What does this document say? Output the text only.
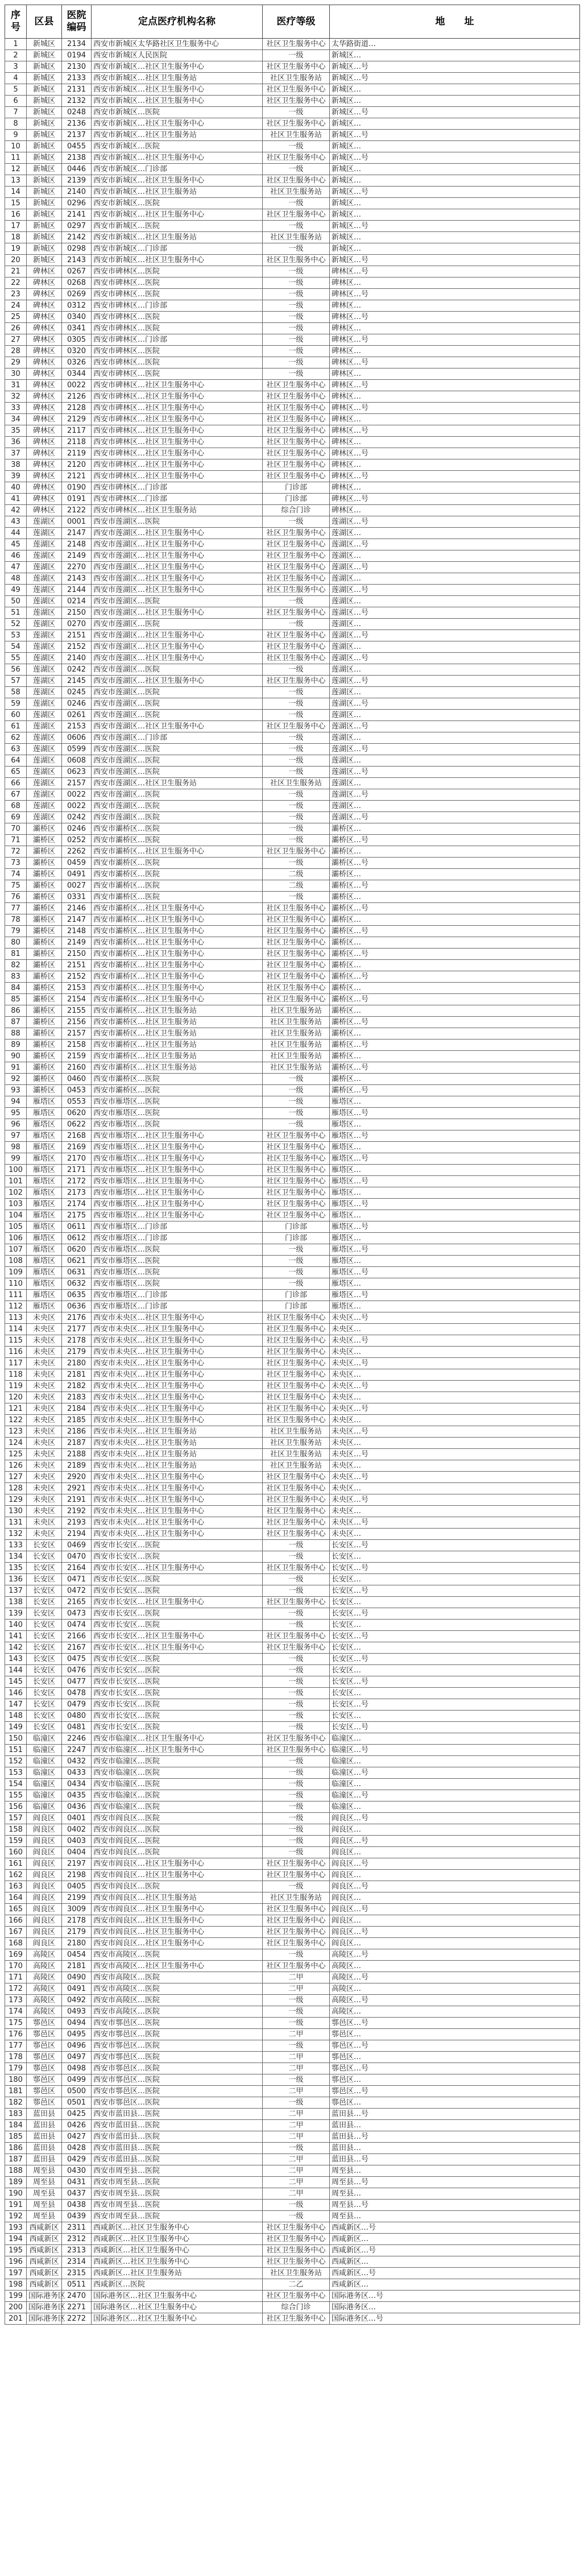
序号	区县	医院编码	定点医疗机构名称	医疗等级	地　　址
1	新城区	2134	西安市新城区太华路社区卫生服务中心	社区卫生服务中心	太华路街道…
2	新城区	0194	西安市新城区人民医院	一级	新城区…
3	新城区	2130	西安市新城区…社区卫生服务中心	社区卫生服务中心	新城区…号
4	新城区	2133	西安市新城区…社区卫生服务站	社区卫生服务站	新城区…号
5	新城区	2131	西安市新城区…社区卫生服务中心	社区卫生服务中心	新城区…
6	新城区	2132	西安市新城区…社区卫生服务中心	社区卫生服务中心	新城区…
7	新城区	0248	西安市新城区…医院	一级	新城区…号
8	新城区	2136	西安市新城区…社区卫生服务中心	社区卫生服务中心	新城区…
9	新城区	2137	西安市新城区…社区卫生服务站	社区卫生服务站	新城区…号
10	新城区	0455	西安市新城区…医院	一级	新城区…
11	新城区	2138	西安市新城区…社区卫生服务中心	社区卫生服务中心	新城区…号
12	新城区	0446	西安市新城区…门诊部	一级	新城区…
13	新城区	2139	西安市新城区…社区卫生服务中心	社区卫生服务中心	新城区…
14	新城区	2140	西安市新城区…社区卫生服务站	社区卫生服务站	新城区…号
15	新城区	0296	西安市新城区…医院	一级	新城区…
16	新城区	2141	西安市新城区…社区卫生服务中心	社区卫生服务中心	新城区…
17	新城区	0297	西安市新城区…医院	一级	新城区…号
18	新城区	2142	西安市新城区…社区卫生服务站	社区卫生服务站	新城区…
19	新城区	0298	西安市新城区…门诊部	一级	新城区…
20	新城区	2143	西安市新城区…社区卫生服务中心	社区卫生服务中心	新城区…号
21	碑林区	0267	西安市碑林区…医院	一级	碑林区…号
22	碑林区	0268	西安市碑林区…医院	一级	碑林区…
23	碑林区	0269	西安市碑林区…医院	一级	碑林区…号
24	碑林区	0312	西安市碑林区…门诊部	一级	碑林区…
25	碑林区	0340	西安市碑林区…医院	一级	碑林区…号
26	碑林区	0341	西安市碑林区…医院	一级	碑林区…
27	碑林区	0305	西安市碑林区…门诊部	一级	碑林区…号
28	碑林区	0320	西安市碑林区…医院	一级	碑林区…
29	碑林区	0326	西安市碑林区…医院	一级	碑林区…号
30	碑林区	0344	西安市碑林区…医院	一级	碑林区…
31	碑林区	0022	西安市碑林区…社区卫生服务中心	社区卫生服务中心	碑林区…号
32	碑林区	2126	西安市碑林区…社区卫生服务中心	社区卫生服务中心	碑林区…
33	碑林区	2128	西安市碑林区…社区卫生服务中心	社区卫生服务中心	碑林区…号
34	碑林区	2129	西安市碑林区…社区卫生服务中心	社区卫生服务中心	碑林区…
35	碑林区	2117	西安市碑林区…社区卫生服务中心	社区卫生服务中心	碑林区…号
36	碑林区	2118	西安市碑林区…社区卫生服务中心	社区卫生服务中心	碑林区…
37	碑林区	2119	西安市碑林区…社区卫生服务中心	社区卫生服务中心	碑林区…号
38	碑林区	2120	西安市碑林区…社区卫生服务中心	社区卫生服务中心	碑林区…
39	碑林区	2121	西安市碑林区…社区卫生服务中心	社区卫生服务中心	碑林区…号
40	碑林区	0190	西安市碑林区…门诊部	门诊部	碑林区…
41	碑林区	0191	西安市碑林区…门诊部	门诊部	碑林区…号
42	碑林区	2122	西安市碑林区…社区卫生服务站	综合门诊	碑林区…
43	莲湖区	0001	西安市莲湖区…医院	一级	莲湖区…号
44	莲湖区	2147	西安市莲湖区…社区卫生服务中心	社区卫生服务中心	莲湖区…
45	莲湖区	2148	西安市莲湖区…社区卫生服务中心	社区卫生服务中心	莲湖区…号
46	莲湖区	2149	西安市莲湖区…社区卫生服务中心	社区卫生服务中心	莲湖区…
47	莲湖区	2270	西安市莲湖区…社区卫生服务中心	社区卫生服务中心	莲湖区…号
48	莲湖区	2143	西安市莲湖区…社区卫生服务中心	社区卫生服务中心	莲湖区…
49	莲湖区	2144	西安市莲湖区…社区卫生服务中心	社区卫生服务中心	莲湖区…号
50	莲湖区	0214	西安市莲湖区…医院	一级	莲湖区…
51	莲湖区	2150	西安市莲湖区…社区卫生服务中心	社区卫生服务中心	莲湖区…号
52	莲湖区	0270	西安市莲湖区…医院	一级	莲湖区…
53	莲湖区	2151	西安市莲湖区…社区卫生服务中心	社区卫生服务中心	莲湖区…号
54	莲湖区	2152	西安市莲湖区…社区卫生服务中心	社区卫生服务中心	莲湖区…
55	莲湖区	2140	西安市莲湖区…社区卫生服务中心	社区卫生服务中心	莲湖区…号
56	莲湖区	0242	西安市莲湖区…医院	一级	莲湖区…
57	莲湖区	2145	西安市莲湖区…社区卫生服务中心	社区卫生服务中心	莲湖区…号
58	莲湖区	0245	西安市莲湖区…医院	一级	莲湖区…
59	莲湖区	0246	西安市莲湖区…医院	一级	莲湖区…号
60	莲湖区	0261	西安市莲湖区…医院	一级	莲湖区…
61	莲湖区	2153	西安市莲湖区…社区卫生服务中心	社区卫生服务中心	莲湖区…号
62	莲湖区	0606	西安市莲湖区…门诊部	一级	莲湖区…
63	莲湖区	0599	西安市莲湖区…医院	一级	莲湖区…号
64	莲湖区	0608	西安市莲湖区…医院	一级	莲湖区…
65	莲湖区	0623	西安市莲湖区…医院	一级	莲湖区…号
66	莲湖区	2157	西安市莲湖区…社区卫生服务站	社区卫生服务站	莲湖区…
67	莲湖区	0022	西安市莲湖区…医院	一级	莲湖区…号
68	莲湖区	0022	西安市莲湖区…医院	一级	莲湖区…
69	莲湖区	0242	西安市莲湖区…医院	一级	莲湖区…号
70	灞桥区	0246	西安市灞桥区…医院	一级	灞桥区…
71	灞桥区	0252	西安市灞桥区…医院	一级	灞桥区…号
72	灞桥区	2262	西安市灞桥区…社区卫生服务中心	社区卫生服务中心	灞桥区…
73	灞桥区	0459	西安市灞桥区…医院	一级	灞桥区…号
74	灞桥区	0491	西安市灞桥区…医院	二级	灞桥区…
75	灞桥区	0027	西安市灞桥区…医院	二级	灞桥区…号
76	灞桥区	0331	西安市灞桥区…医院	一级	灞桥区…
77	灞桥区	2146	西安市灞桥区…社区卫生服务中心	社区卫生服务中心	灞桥区…号
78	灞桥区	2147	西安市灞桥区…社区卫生服务中心	社区卫生服务中心	灞桥区…
79	灞桥区	2148	西安市灞桥区…社区卫生服务中心	社区卫生服务中心	灞桥区…号
80	灞桥区	2149	西安市灞桥区…社区卫生服务中心	社区卫生服务中心	灞桥区…
81	灞桥区	2150	西安市灞桥区…社区卫生服务中心	社区卫生服务中心	灞桥区…号
82	灞桥区	2151	西安市灞桥区…社区卫生服务中心	社区卫生服务中心	灞桥区…
83	灞桥区	2152	西安市灞桥区…社区卫生服务中心	社区卫生服务中心	灞桥区…号
84	灞桥区	2153	西安市灞桥区…社区卫生服务中心	社区卫生服务中心	灞桥区…
85	灞桥区	2154	西安市灞桥区…社区卫生服务中心	社区卫生服务中心	灞桥区…号
86	灞桥区	2155	西安市灞桥区…社区卫生服务站	社区卫生服务站	灞桥区…
87	灞桥区	2156	西安市灞桥区…社区卫生服务站	社区卫生服务站	灞桥区…号
88	灞桥区	2157	西安市灞桥区…社区卫生服务站	社区卫生服务站	灞桥区…
89	灞桥区	2158	西安市灞桥区…社区卫生服务站	社区卫生服务站	灞桥区…号
90	灞桥区	2159	西安市灞桥区…社区卫生服务站	社区卫生服务站	灞桥区…
91	灞桥区	2160	西安市灞桥区…社区卫生服务站	社区卫生服务站	灞桥区…号
92	灞桥区	0460	西安市灞桥区…医院	一级	灞桥区…
93	灞桥区	0453	西安市灞桥区…医院	一级	灞桥区…号
94	雁塔区	0553	西安市雁塔区…医院	一级	雁塔区…
95	雁塔区	0620	西安市雁塔区…医院	一级	雁塔区…号
96	雁塔区	0622	西安市雁塔区…医院	一级	雁塔区…
97	雁塔区	2168	西安市雁塔区…社区卫生服务中心	社区卫生服务中心	雁塔区…号
98	雁塔区	2169	西安市雁塔区…社区卫生服务中心	社区卫生服务中心	雁塔区…
99	雁塔区	2170	西安市雁塔区…社区卫生服务中心	社区卫生服务中心	雁塔区…号
100	雁塔区	2171	西安市雁塔区…社区卫生服务中心	社区卫生服务中心	雁塔区…
101	雁塔区	2172	西安市雁塔区…社区卫生服务中心	社区卫生服务中心	雁塔区…号
102	雁塔区	2173	西安市雁塔区…社区卫生服务中心	社区卫生服务中心	雁塔区…
103	雁塔区	2174	西安市雁塔区…社区卫生服务中心	社区卫生服务中心	雁塔区…号
104	雁塔区	2175	西安市雁塔区…社区卫生服务中心	社区卫生服务中心	雁塔区…
105	雁塔区	0611	西安市雁塔区…门诊部	门诊部	雁塔区…号
106	雁塔区	0612	西安市雁塔区…门诊部	门诊部	雁塔区…
107	雁塔区	0620	西安市雁塔区…医院	一级	雁塔区…号
108	雁塔区	0621	西安市雁塔区…医院	一级	雁塔区…
109	雁塔区	0631	西安市雁塔区…医院	一级	雁塔区…号
110	雁塔区	0632	西安市雁塔区…医院	一级	雁塔区…
111	雁塔区	0635	西安市雁塔区…门诊部	门诊部	雁塔区…号
112	雁塔区	0636	西安市雁塔区…门诊部	门诊部	雁塔区…
113	未央区	2176	西安市未央区…社区卫生服务中心	社区卫生服务中心	未央区…号
114	未央区	2177	西安市未央区…社区卫生服务中心	社区卫生服务中心	未央区…
115	未央区	2178	西安市未央区…社区卫生服务中心	社区卫生服务中心	未央区…号
116	未央区	2179	西安市未央区…社区卫生服务中心	社区卫生服务中心	未央区…
117	未央区	2180	西安市未央区…社区卫生服务中心	社区卫生服务中心	未央区…号
118	未央区	2181	西安市未央区…社区卫生服务中心	社区卫生服务中心	未央区…
119	未央区	2182	西安市未央区…社区卫生服务中心	社区卫生服务中心	未央区…号
120	未央区	2183	西安市未央区…社区卫生服务中心	社区卫生服务中心	未央区…
121	未央区	2184	西安市未央区…社区卫生服务中心	社区卫生服务中心	未央区…号
122	未央区	2185	西安市未央区…社区卫生服务中心	社区卫生服务中心	未央区…
123	未央区	2186	西安市未央区…社区卫生服务站	社区卫生服务站	未央区…号
124	未央区	2187	西安市未央区…社区卫生服务站	社区卫生服务站	未央区…
125	未央区	2188	西安市未央区…社区卫生服务站	社区卫生服务站	未央区…号
126	未央区	2189	西安市未央区…社区卫生服务站	社区卫生服务站	未央区…
127	未央区	2920	西安市未央区…社区卫生服务中心	社区卫生服务中心	未央区…号
128	未央区	2921	西安市未央区…社区卫生服务中心	社区卫生服务中心	未央区…
129	未央区	2191	西安市未央区…社区卫生服务中心	社区卫生服务中心	未央区…号
130	未央区	2192	西安市未央区…社区卫生服务中心	社区卫生服务中心	未央区…
131	未央区	2193	西安市未央区…社区卫生服务中心	社区卫生服务中心	未央区…号
132	未央区	2194	西安市未央区…社区卫生服务中心	社区卫生服务中心	未央区…
133	长安区	0469	西安市长安区…医院	一级	长安区…号
134	长安区	0470	西安市长安区…医院	一级	长安区…
135	长安区	2164	西安市长安区…社区卫生服务中心	社区卫生服务中心	长安区…号
136	长安区	0471	西安市长安区…医院	一级	长安区…
137	长安区	0472	西安市长安区…医院	一级	长安区…号
138	长安区	2165	西安市长安区…社区卫生服务中心	社区卫生服务中心	长安区…
139	长安区	0473	西安市长安区…医院	一级	长安区…号
140	长安区	0474	西安市长安区…医院	一级	长安区…
141	长安区	2166	西安市长安区…社区卫生服务中心	社区卫生服务中心	长安区…号
142	长安区	2167	西安市长安区…社区卫生服务中心	社区卫生服务中心	长安区…
143	长安区	0475	西安市长安区…医院	一级	长安区…号
144	长安区	0476	西安市长安区…医院	一级	长安区…
145	长安区	0477	西安市长安区…医院	一级	长安区…号
146	长安区	0478	西安市长安区…医院	一级	长安区…
147	长安区	0479	西安市长安区…医院	一级	长安区…号
148	长安区	0480	西安市长安区…医院	一级	长安区…
149	长安区	0481	西安市长安区…医院	一级	长安区…号
150	临潼区	2246	西安市临潼区…社区卫生服务中心	社区卫生服务中心	临潼区…
151	临潼区	2247	西安市临潼区…社区卫生服务中心	社区卫生服务中心	临潼区…号
152	临潼区	0432	西安市临潼区…医院	一级	临潼区…
153	临潼区	0433	西安市临潼区…医院	一级	临潼区…号
154	临潼区	0434	西安市临潼区…医院	一级	临潼区…
155	临潼区	0435	西安市临潼区…医院	一级	临潼区…号
156	临潼区	0436	西安市临潼区…医院	一级	临潼区…
157	阎良区	0401	西安市阎良区…医院	一级	阎良区…号
158	阎良区	0402	西安市阎良区…医院	一级	阎良区…
159	阎良区	0403	西安市阎良区…医院	一级	阎良区…号
160	阎良区	0404	西安市阎良区…医院	一级	阎良区…
161	阎良区	2197	西安市阎良区…社区卫生服务中心	社区卫生服务中心	阎良区…号
162	阎良区	2198	西安市阎良区…社区卫生服务中心	社区卫生服务中心	阎良区…
163	阎良区	0405	西安市阎良区…医院	一级	阎良区…号
164	阎良区	2199	西安市阎良区…社区卫生服务站	社区卫生服务站	阎良区…
165	阎良区	3009	西安市阎良区…社区卫生服务中心	社区卫生服务中心	阎良区…号
166	阎良区	2178	西安市阎良区…社区卫生服务中心	社区卫生服务中心	阎良区…
167	阎良区	2179	西安市阎良区…社区卫生服务中心	社区卫生服务中心	阎良区…号
168	阎良区	2180	西安市阎良区…社区卫生服务中心	社区卫生服务中心	阎良区…
169	高陵区	0454	西安市高陵区…医院	一级	高陵区…号
170	高陵区	2181	西安市高陵区…社区卫生服务中心	社区卫生服务中心	高陵区…
171	高陵区	0490	西安市高陵区…医院	二甲	高陵区…号
172	高陵区	0491	西安市高陵区…医院	二甲	高陵区…
173	高陵区	0492	西安市高陵区…医院	一级	高陵区…号
174	高陵区	0493	西安市高陵区…医院	一级	高陵区…
175	鄠邑区	0494	西安市鄠邑区…医院	一级	鄠邑区…号
176	鄠邑区	0495	西安市鄠邑区…医院	二甲	鄠邑区…
177	鄠邑区	0496	西安市鄠邑区…医院	一级	鄠邑区…号
178	鄠邑区	0497	西安市鄠邑区…医院	二甲	鄠邑区…
179	鄠邑区	0498	西安市鄠邑区…医院	二甲	鄠邑区…号
180	鄠邑区	0499	西安市鄠邑区…医院	一级	鄠邑区…
181	鄠邑区	0500	西安市鄠邑区…医院	二甲	鄠邑区…号
182	鄠邑区	0501	西安市鄠邑区…医院	一级	鄠邑区…
183	蓝田县	0425	西安市蓝田县…医院	二甲	蓝田县…号
184	蓝田县	0426	西安市蓝田县…医院	二甲	蓝田县…
185	蓝田县	0427	西安市蓝田县…医院	二甲	蓝田县…号
186	蓝田县	0428	西安市蓝田县…医院	一级	蓝田县…
187	蓝田县	0429	西安市蓝田县…医院	二甲	蓝田县…号
188	周至县	0430	西安市周至县…医院	二甲	周至县…
189	周至县	0431	西安市周至县…医院	二甲	周至县…号
190	周至县	0437	西安市周至县…医院	二甲	周至县…
191	周至县	0438	西安市周至县…医院	一级	周至县…号
192	周至县	0439	西安市周至县…医院	一级	周至县…
193	西咸新区	2311	西咸新区…社区卫生服务中心	社区卫生服务中心	西咸新区…号
194	西咸新区	2312	西咸新区…社区卫生服务中心	社区卫生服务中心	西咸新区…
195	西咸新区	2313	西咸新区…社区卫生服务中心	社区卫生服务中心	西咸新区…号
196	西咸新区	2314	西咸新区…社区卫生服务中心	社区卫生服务中心	西咸新区…
197	西咸新区	2315	西咸新区…社区卫生服务站	社区卫生服务站	西咸新区…号
198	西咸新区	0511	西咸新区…医院	二乙	西咸新区…
199	国际港务区	2470	国际港务区…社区卫生服务中心	社区卫生服务中心	国际港务区…号
200	国际港务区	2271	国际港务区…社区卫生服务中心	综合门诊	国际港务区…
201	国际港务区	2272	国际港务区…社区卫生服务中心	社区卫生服务中心	国际港务区…号
